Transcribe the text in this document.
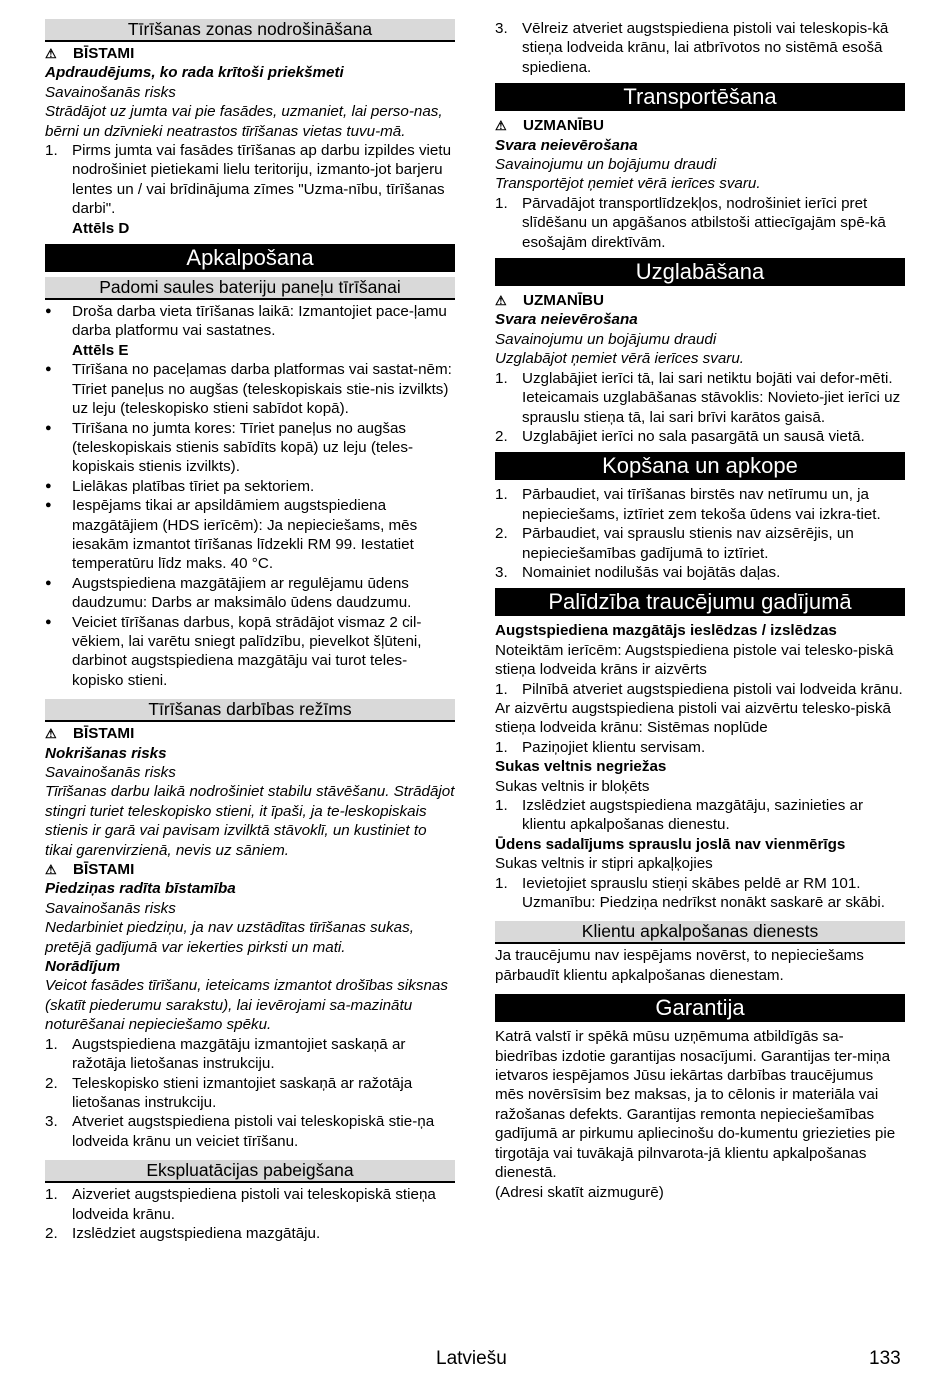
Tīrīšanas zonas nodrošināšana
⚠	BĪSTAMI

Apdraudējums, ko rada krītoši priekšmeti

Savainošanās risks

Strādājot uz jumta vai pie fasādes, uzmaniet, lai perso-nas, bērni un dzīvnieki neatrastos tīrīšanas vietas tuvu-mā.

1. Pirms jumta vai fasādes tīrīšanas ap darbu izpildes vietu nodrošiniet pietiekami lielu teritoriju, izmanto-jot barjeru lentes un / vai brīdinājuma zīmes "Uzma-nību, tīrīšanas darbi".
Attēls D
Apkalpošana
Padomi saules bateriju paneļu tīrīšanai
●	Droša darba vieta tīrīšanas laikā: Izmantojiet pace-ļamu darba platformu vai sastatnes.
Attēls E
●	Tīrīšana no paceļamas darba platformas vai sastat-nēm: Tīriet paneļus no augšas (teleskopiskais stie-nis izvilkts) uz leju (teleskopisko stieni sabīdot kopā).
●	Tīrīšana no jumta kores: Tīriet paneļus no augšas (teleskopiskais stienis sabīdīts kopā) uz leju (teles-kopiskais stienis izvilkts).
●	Lielākas platības tīriet pa sektoriem.
●	Iespējams tikai ar apsildāmiem augstspiediena mazgātājiem (HDS ierīcēm): Ja nepieciešams, mēs iesakām izmantot tīrīšanas līdzekli RM 99. Iestatiet temperatūru līdz maks. 40 °C.
●	Augstspiediena mazgātājiem ar regulējamu ūdens daudzumu: Darbs ar maksimālo ūdens daudzumu.
●	Veiciet tīrīšanas darbus, kopā strādājot vismaz 2 cil-vēkiem, lai varētu sniegt palīdzību, pievelkot šļūteni, darbinot augstspiediena mazgātāju vai turot teles-kopisko stieni.
Tīrīšanas darbības režīms
⚠	BĪSTAMI

Nokrišanas risks

Savainošanās risks

Tīrīšanas darbu laikā nodrošiniet stabilu stāvēšanu. Strādājot stingri turiet teleskopisko stieni, it īpaši, ja te-leskopiskais stienis ir garā vai pavisam izvilktā stāvoklī, un kustiniet to tikai garenvirzienā, nevis uz sāniem.

⚠	BĪSTAMI

Piedziņas radīta bīstamība

Savainošanās risks

Nedarbiniet piedziņu, ja nav uzstādītas tīrīšanas sukas, pretējā gadījumā var iekerties pirksti un mati.

Norādījum

Veicot fasādes tīrīšanu, ieteicams izmantot drošības siksnas (skatīt piederumu sarakstu), lai ievērojami sa-mazinātu noturēšanai nepieciešamo spēku.

1. Augstspiediena mazgātāju izmantojiet saskaņā ar ražotāja lietošanas instrukciju.
2. Teleskopisko stieni izmantojiet saskaņā ar ražotāja lietošanas instrukciju.
3. Atveriet augstspiediena pistoli vai teleskopiskā stie-ņa lodveida krānu un veiciet tīrīšanu.
Ekspluatācijas pabeigšana
1. Aizveriet augstspiediena pistoli vai teleskopiskā stieņa lodveida krānu.
2. Izslēdziet augstspiediena mazgātāju.
3. Vēlreiz atveriet augstspiediena pistoli vai teleskopis-kā stieņa lodveida krānu, lai atbrīvotos no sistēmā esošā spiediena.
Transportēšana
⚠	UZMANĪBU

Svara neievērošana

Savainojumu un bojājumu draudi

Transportējot ņemiet vērā ierīces svaru.

1. Pārvadājot transportlīdzekļos, nodrošiniet ierīci pret slīdēšanu un apgāšanos atbilstoši attiecīgajām spē-kā esošajām direktīvām.
Uzglabāšana
⚠	UZMANĪBU

Svara neievērošana

Savainojumu un bojājumu draudi

Uzglabājot ņemiet vērā ierīces svaru.

1. Uzglabājiet ierīci tā, lai sari netiktu bojāti vai defor-mēti. Ieteicamais uzglabāšanas stāvoklis: Novieto-jiet ierīci uz sprauslu stieņa tā, lai sari brīvi karātos gaisā.
2. Uzglabājiet ierīci no sala pasargātā un sausā vietā.
Kopšana un apkope
1. Pārbaudiet, vai tīrīšanas birstēs nav netīrumu un, ja nepieciešams, iztīriet zem tekoša ūdens vai izkra-tiet.
2. Pārbaudiet, vai sprauslu stienis nav aizsērējis, un nepieciešamības gadījumā to iztīriet.
3. Nomainiet nodilušās vai bojātās daļas.
Palīdzība traucējumu gadījumā

Augstspiediena mazgātājs ieslēdzas / izslēdzas

Noteiktām ierīcēm: Augstspiediena pistole vai telesko-piskā stieņa lodveida krāns ir aizvērts

1. Pilnībā atveriet augstspiediena pistoli vai lodveida krānu.

Ar aizvērtu augstspiediena pistoli vai aizvērtu telesko-piskā stieņa lodveida krānu: Sistēmas noplūde

1. Paziņojiet klientu servisam.

Sukas veltnis negriežas

Sukas veltnis ir bloķēts

1. Izslēdziet augstspiediena mazgātāju, sazinieties ar klientu apkalpošanas dienestu.

Ūdens sadalījums sprauslu joslā nav vienmērīgs

Sukas veltnis ir stipri apkaļķojies

1. Ievietojiet sprauslu stieņi skābes peldē ar RM 101. Uzmanību: Piedziņa nedrīkst nonākt saskarē ar skābi.
Klientu apkalpošanas dienests

Ja traucējumu nav iespējams novērst, to nepieciešams pārbaudīt klientu apkalpošanas dienestam.

Garantija

Katrā valstī ir spēkā mūsu uzņēmuma atbildīgās sa-biedrības izdotie garantijas nosacījumi. Garantijas ter-miņa ietvaros iespējamos Jūsu iekārtas darbības traucējumus mēs novērsīsim bez maksas, ja to cēlonis ir materiāla vai ražošanas defekts. Garantijas remonta nepieciešamības gadījumā ar pirkumu apliecinošu do-kumentu griezieties pie tirgotāja vai tuvākajā pilnvarota-jā klientu apkalpošanas dienestā.

(Adresi skatīt aizmugurē)

Latviešu	133
